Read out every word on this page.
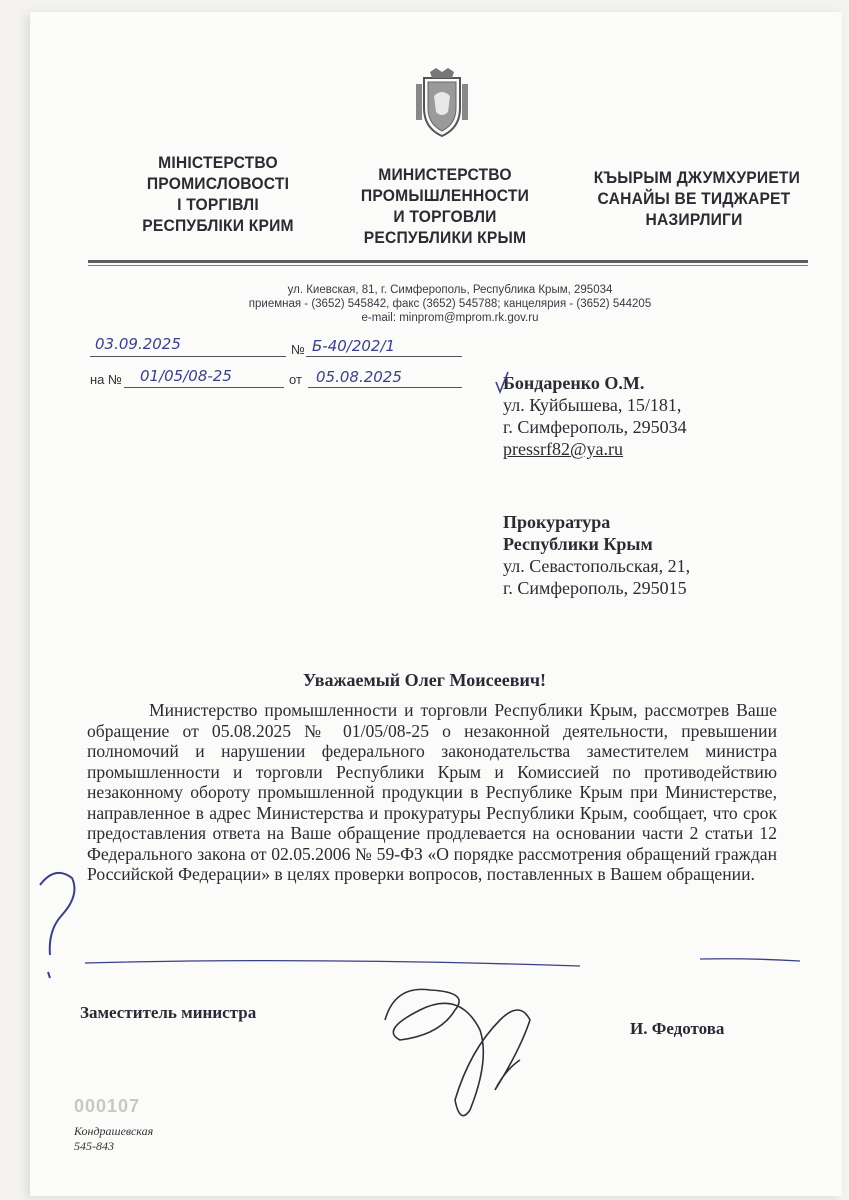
МІНІСТЕРСТВО
ПРОМИСЛОВОСТІ
І ТОРГІВЛІ
РЕСПУБЛІКИ КРИМ
МИНИСТЕРСТВО
ПРОМЫШЛЕННОСТИ
И ТОРГОВЛИ
РЕСПУБЛИКИ КРЫМ
КЪЫРЫМ ДЖУМХУРИЕТИ
САНАЙЫ ВЕ ТИДЖАРЕТ
НАЗИРЛИГИ
ул. Киевская, 81, г. Симферополь, Республика Крым, 295034
приемная - (3652) 545842, факс (3652) 545788; канцелярия - (3652) 544205
e-mail: minprom@mprom.rk.gov.ru
03.09.2025	№ Б-40/202/1
на № 01/05/08-25	от 05.08.2025	Бондаренко О.М.
ул. Куйбышева, 15/181,
г. Симферополь, 295034
pressrf82@ya.ru
Прокуратура
Республики Крым
ул. Севастопольская, 21,
г. Симферополь, 295015
Уважаемый Олег Моисеевич!

Министерство промышленности и торговли Республики Крым, рассмотрев Ваше обращение от 05.08.2025 № 01/05/08-25 о незаконной деятельности, превышении полномочий и нарушении федерального законодательства заместителем министра промышленности и торговли Республики Крым и Комиссией по противодействию незаконному обороту промышленной продукции в Республике Крым при Министерстве, направленное в адрес Министерства и прокуратуры Республики Крым, сообщает, что срок предоставления ответа на Ваше обращение продлевается на основании части 2 статьи 12 Федерального закона от 02.05.2006 № 59-ФЗ «О порядке рассмотрения обращений граждан Российской Федерации» в целях проверки вопросов, поставленных в Вашем обращении.

Заместитель министра
И. Федотова
000107
Кондрашевская
545-843
